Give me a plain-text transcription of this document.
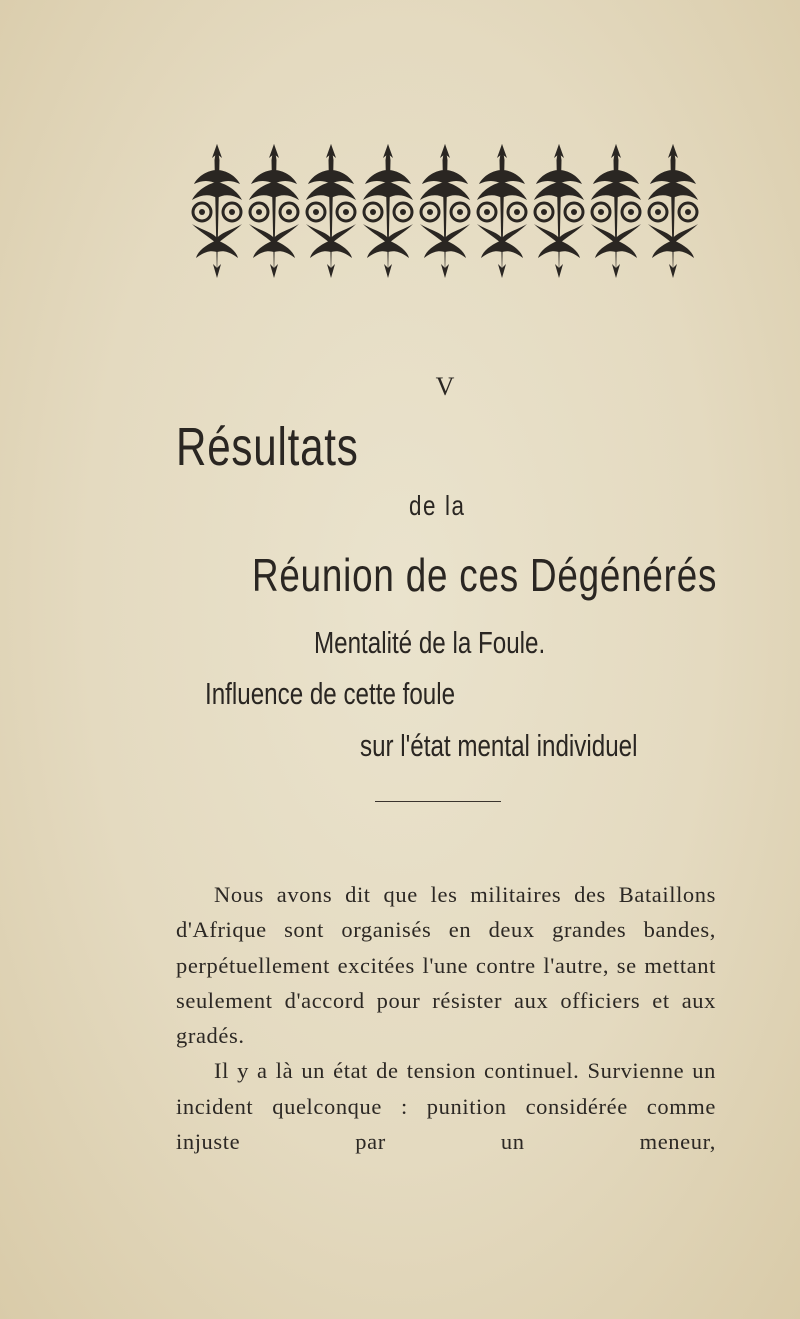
V
Résultats
de la
Réunion de ces Dégénérés
Mentalité de la Foule.
Influence de cette foule
sur l'état mental individuel

Nous avons dit que les militaires des Bataillons d'Afrique sont organisés en deux grandes bandes, perpétuellement excitées l'une contre l'autre, se mettant seulement d'accord pour résister aux officiers et aux gradés.

Il y a là un état de tension continuel. Survienne un incident quelconque : punition considérée comme injuste par un meneur,
